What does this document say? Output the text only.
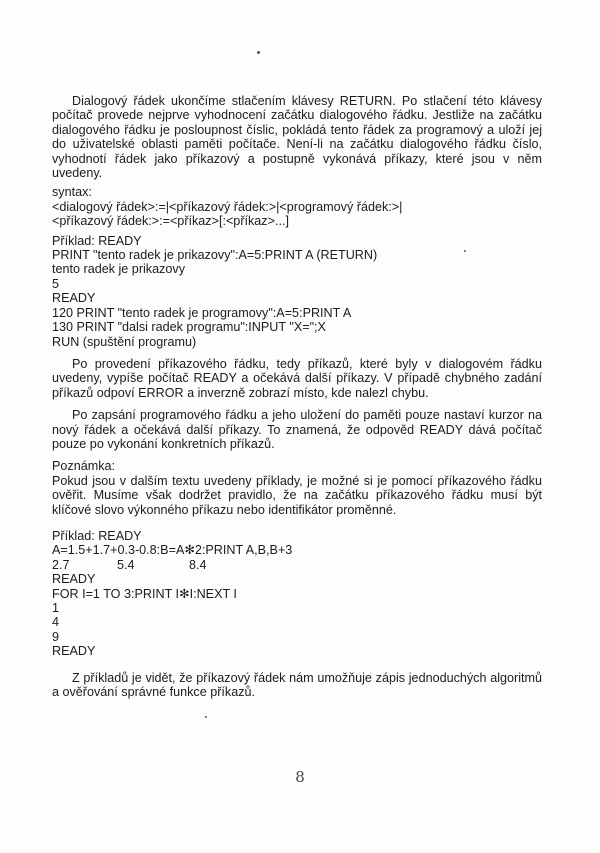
Dialogový řádek ukončíme stlačením klávesy RETURN. Po stlačení této klávesy počítač provede nejprve vyhodnocení začátku dialogového řádku. Jestliže na začátku dialogového řádku je posloupnost číslic, pokládá tento řádek za programový a uloží jej do uživatelské oblasti paměti počítače. Není-li na začátku dialogového řádku číslo, vyhodnotí řádek jako příkazový a postupně vykonává příkazy, které jsou v něm uvedeny.

syntax:

<dialogový řádek>:=|<příkazový řádek:>|<programový řádek:>|

<příkazový řádek:>:=<příkaz>[:<příkaz>...]

Příklad: READY

PRINT "tento radek je prikazovy":A=5:PRINT A (RETURN)

tento radek je prikazovy

5

READY

120 PRINT "tento radek je programovy":A=5:PRINT A

130 PRINT "dalsi radek programu":INPUT "X=";X

RUN (spuštění programu)

Po provedení příkazového řádku, tedy příkazů, které byly v dialogovém řádku uvedeny, vypíše počítač READY a očekává další příkazy. V případě chybného zadání příkazů odpoví ERROR a inverzně zobrazí místo, kde nalezl chybu.

Po zapsání programového řádku a jeho uložení do paměti pouze nastaví kurzor na nový řádek a očekává další příkazy. To znamená, že odpověd READY dává počítač pouze po vykonání konkretních příkazů.

Poznámka:

Pokud jsou v dalším textu uvedeny příklady, je možné si je pomocí příkazového řádku ověřit. Musíme však dodržet pravidlo, že na začátku příkazového řádku musí být klíčové slovo výkonného příkazu nebo identifikátor proměnné.

Příklad: READY

A=1.5+1.7+0.3-0.8:B=A✻2:PRINT A,B,B+3

2.7	5.4	8.4

READY

FOR I=1 TO 3:PRINT I✻I:NEXT I

1

4

9

READY

Z příkladů je vidět, že příkazový řádek nám umožňuje zápis jednoduchých algoritmů a ověřování správné funkce příkazů.

8
